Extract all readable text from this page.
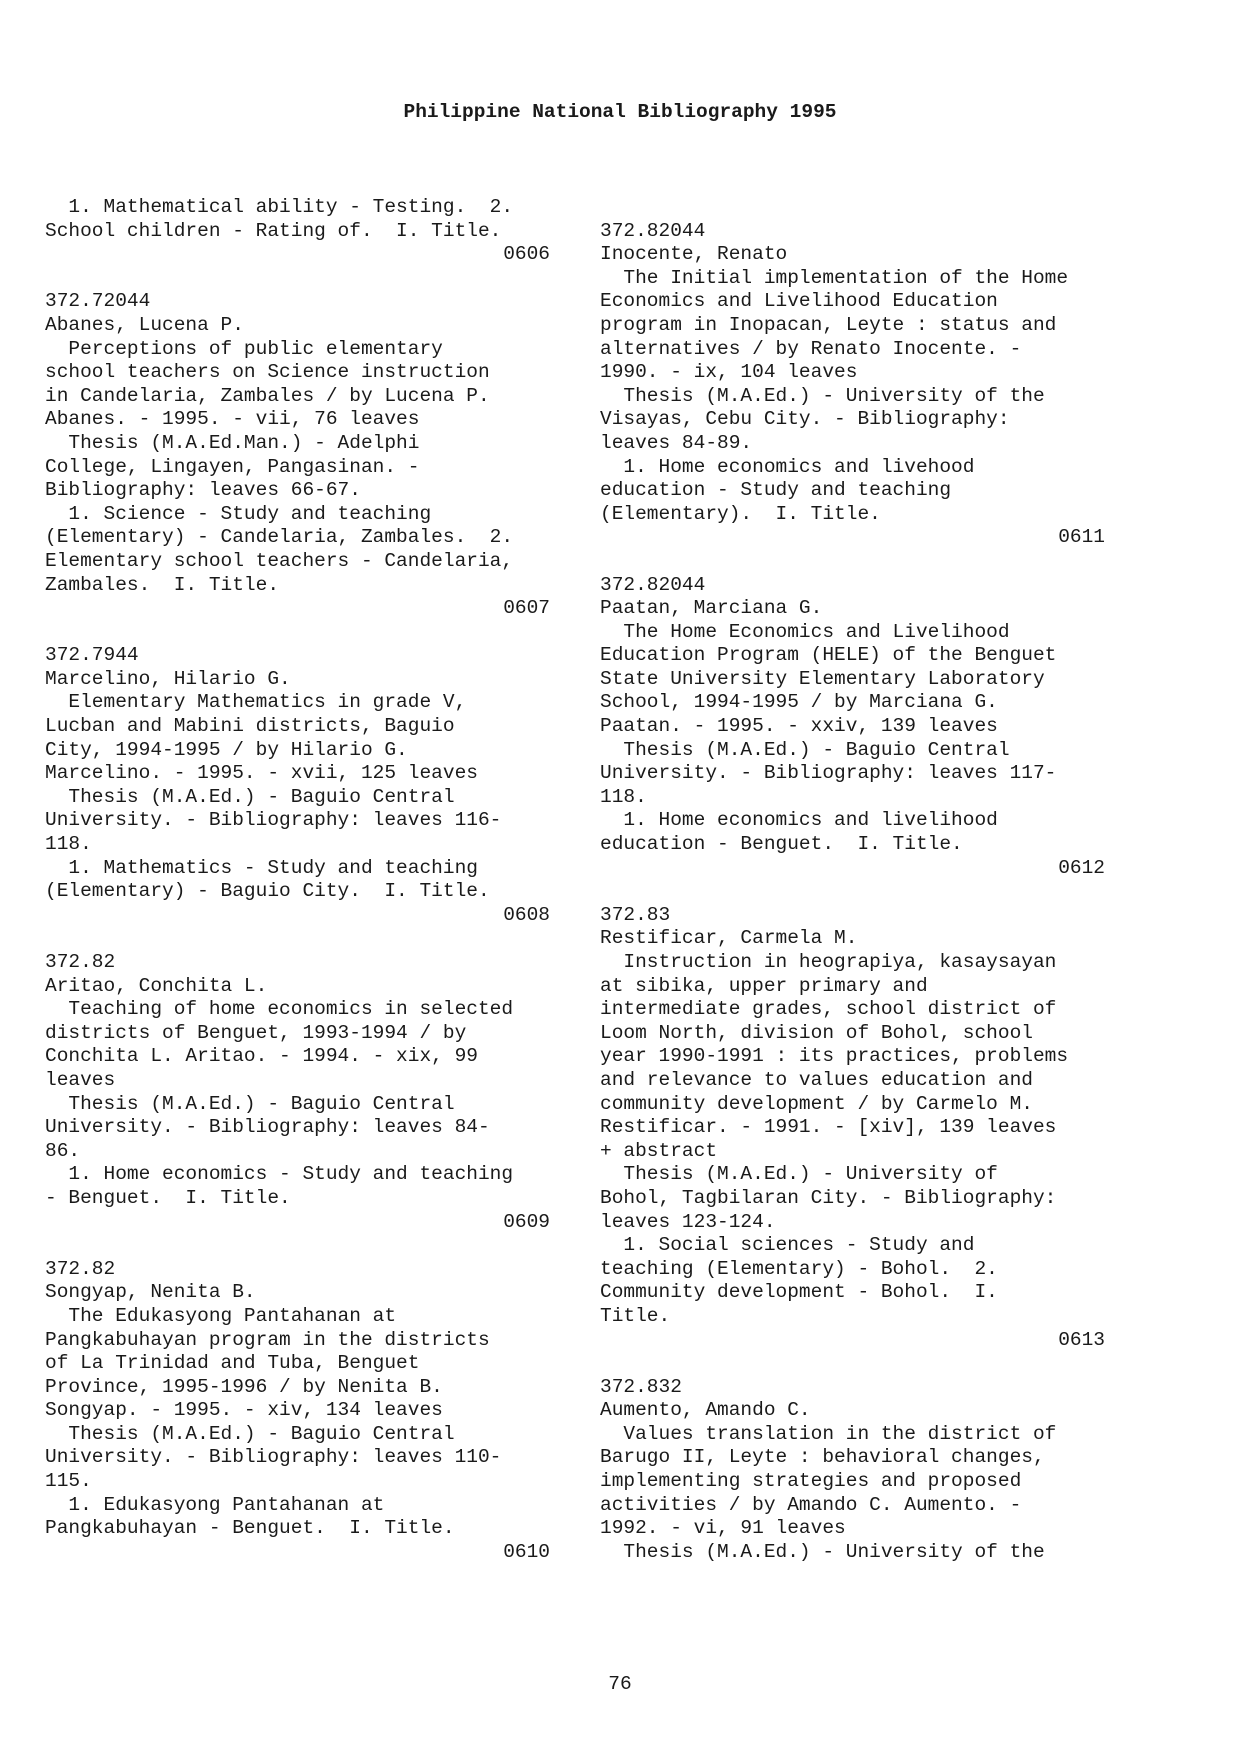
Philippine National Bibliography 1995
1. Mathematical ability - Testing.  2.
School children - Rating of.  I. Title.
0606
372.72044
Abanes, Lucena P.
Perceptions of public elementary
school teachers on Science instruction
in Candelaria, Zambales / by Lucena P.
Abanes. - 1995. - vii, 76 leaves
Thesis (M.A.Ed.Man.) - Adelphi
College, Lingayen, Pangasinan. -
Bibliography: leaves 66-67.
1. Science - Study and teaching
(Elementary) - Candelaria, Zambales.  2.
Elementary school teachers - Candelaria,
Zambales.  I. Title.
0607
372.7944
Marcelino, Hilario G.
Elementary Mathematics in grade V,
Lucban and Mabini districts, Baguio
City, 1994-1995 / by Hilario G.
Marcelino. - 1995. - xvii, 125 leaves
Thesis (M.A.Ed.) - Baguio Central
University. - Bibliography: leaves 116-
118.
1. Mathematics - Study and teaching
(Elementary) - Baguio City.  I. Title.
0608
372.82
Aritao, Conchita L.
Teaching of home economics in selected
districts of Benguet, 1993-1994 / by
Conchita L. Aritao. - 1994. - xix, 99
leaves
Thesis (M.A.Ed.) - Baguio Central
University. - Bibliography: leaves 84-
86.
1. Home economics - Study and teaching
- Benguet.  I. Title.
0609
372.82
Songyap, Nenita B.
The Edukasyong Pantahanan at
Pangkabuhayan program in the districts
of La Trinidad and Tuba, Benguet
Province, 1995-1996 / by Nenita B.
Songyap. - 1995. - xiv, 134 leaves
Thesis (M.A.Ed.) - Baguio Central
University. - Bibliography: leaves 110-
115.
1. Edukasyong Pantahanan at
Pangkabuhayan - Benguet.  I. Title.
0610
372.82044
Inocente, Renato
The Initial implementation of the Home
Economics and Livelihood Education
program in Inopacan, Leyte : status and
alternatives / by Renato Inocente. -
1990. - ix, 104 leaves
Thesis (M.A.Ed.) - University of the
Visayas, Cebu City. - Bibliography:
leaves 84-89.
1. Home economics and livehood
education - Study and teaching
(Elementary).  I. Title.
0611
372.82044
Paatan, Marciana G.
The Home Economics and Livelihood
Education Program (HELE) of the Benguet
State University Elementary Laboratory
School, 1994-1995 / by Marciana G.
Paatan. - 1995. - xxiv, 139 leaves
Thesis (M.A.Ed.) - Baguio Central
University. - Bibliography: leaves 117-
118.
1. Home economics and livelihood
education - Benguet.  I. Title.
0612
372.83
Restificar, Carmela M.
Instruction in heograpiya, kasaysayan
at sibika, upper primary and
intermediate grades, school district of
Loom North, division of Bohol, school
year 1990-1991 : its practices, problems
and relevance to values education and
community development / by Carmelo M.
Restificar. - 1991. - [xiv], 139 leaves
+ abstract
Thesis (M.A.Ed.) - University of
Bohol, Tagbilaran City. - Bibliography:
leaves 123-124.
1. Social sciences - Study and
teaching (Elementary) - Bohol.  2.
Community development - Bohol.  I.
Title.
0613
372.832
Aumento, Amando C.
Values translation in the district of
Barugo II, Leyte : behavioral changes,
implementing strategies and proposed
activities / by Amando C. Aumento. -
1992. - vi, 91 leaves
Thesis (M.A.Ed.) - University of the
76
